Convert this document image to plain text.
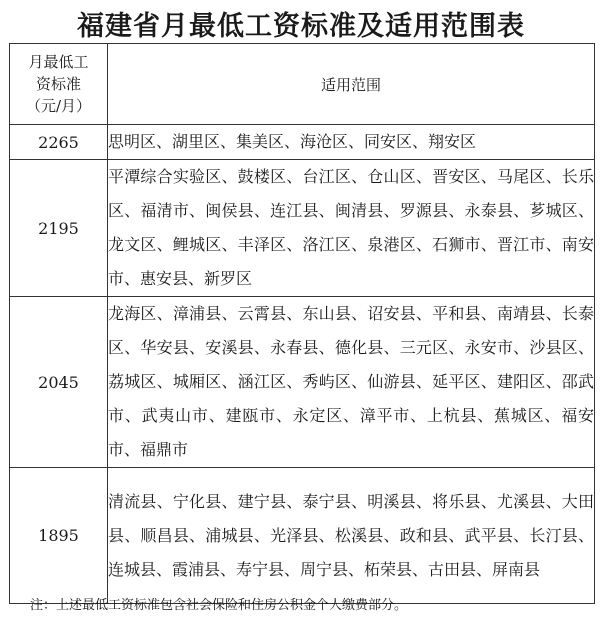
福建省月最低工资标准及适用范围表
月最低工
资标准
（元/月）	适用范围
2265	思明区、湖里区、集美区、海沧区、同安区、翔安区
2195	平潭综合实验区、鼓楼区、台江区、仓山区、晋安区、马尾区、长乐区、福清市、闽侯县、连江县、闽清县、罗源县、永泰县、芗城区、龙文区、鲤城区、丰泽区、洛江区、泉港区、石狮市、晋江市、南安市、惠安县、新罗区
2045	龙海区、漳浦县、云霄县、东山县、诏安县、平和县、南靖县、长泰区、华安县、安溪县、永春县、德化县、三元区、永安市、沙县区、荔城区、城厢区、涵江区、秀屿区、仙游县、延平区、建阳区、邵武市、武夷山市、建瓯市、永定区、漳平市、上杭县、蕉城区、福安市、福鼎市
1895	清流县、宁化县、建宁县、泰宁县、明溪县、将乐县、尤溪县、大田县、顺昌县、浦城县、光泽县、松溪县、政和县、武平县、长汀县、连城县、霞浦县、寿宁县、周宁县、柘荣县、古田县、屏南县
注：上述最低工资标准包含社会保险和住房公积金个人缴费部分。
